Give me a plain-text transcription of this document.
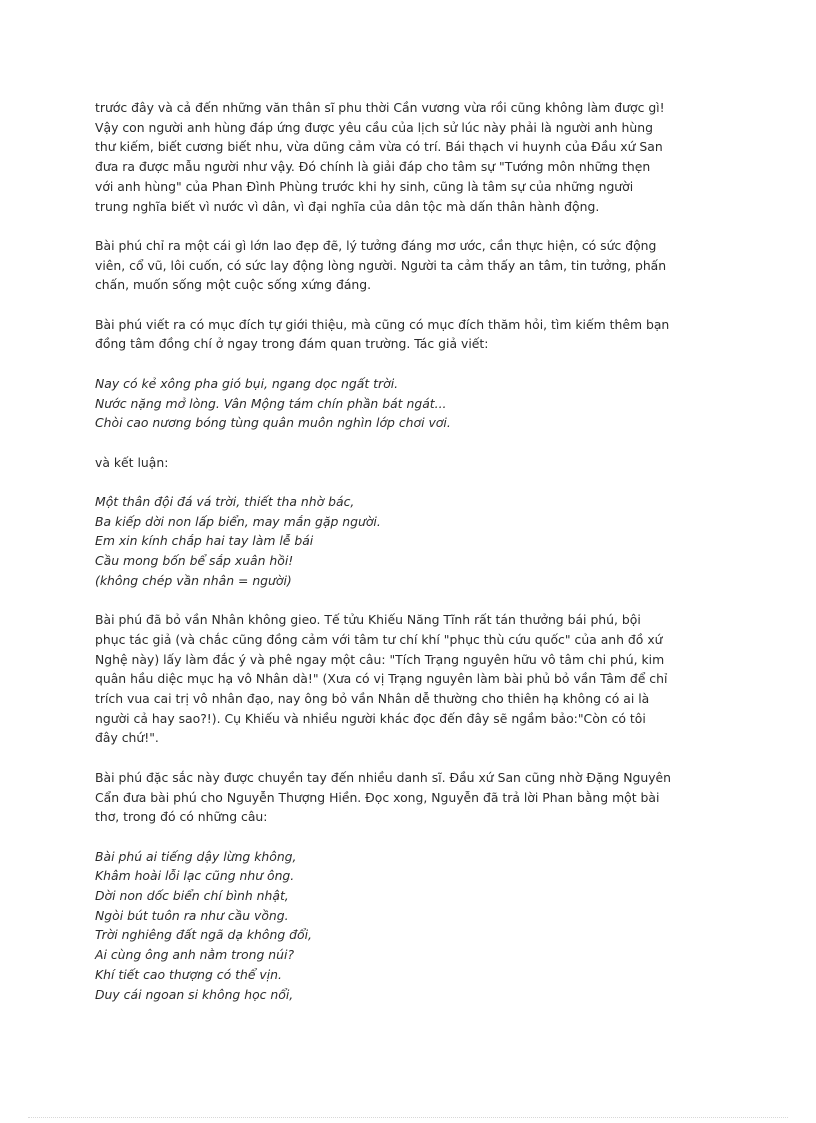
trước đây và cả đến những văn thân sĩ phu thời Cần vương vừa rồi cũng không làm được gì!
Vậy con người anh hùng đáp ứng được yêu cầu của lịch sử lúc này phải là người anh hùng
thư kiếm, biết cương biết nhu, vừa dũng cảm vừa có trí. Bái thạch vi huynh của Đầu xứ San
đưa ra được mẫu người như vậy. Đó chính là giải đáp cho tâm sự "Tướng môn những thẹn
với anh hùng" của Phan Đình Phùng trước khi hy sinh, cũng là tâm sự của những người
trung nghĩa biết vì nước vì dân, vì đại nghĩa của dân tộc mà dấn thân hành động.

Bài phú chỉ ra một cái gì lớn lao đẹp đẽ, lý tưởng đáng mơ ước, cần thực hiện, có sức động
viên, cổ vũ, lôi cuốn, có sức lay động lòng người. Người ta cảm thấy an tâm, tin tưởng, phấn
chấn, muốn sống một cuộc sống xứng đáng.

Bài phú viết ra có mục đích tự giới thiệu, mà cũng có mục đích thăm hỏi, tìm kiếm thêm bạn
đồng tâm đồng chí ở ngay trong đám quan trường. Tác giả viết:

Nay có kẻ xông pha gió bụi, ngang dọc ngất trời.
Nước nặng mở lòng. Vân Mộng tám chín phần bát ngát...
Chòi cao nương bóng tùng quân muôn nghìn lớp chơi vơi.

và kết luận:

Một thân đội đá vá trời, thiết tha nhờ bác,
Ba kiếp dời non lấp biển, may mắn gặp người.
Em xin kính chắp hai tay làm lễ bái
Cầu mong bốn bể sắp xuân hồi!
(không chép vần nhân = người)

Bài phú đã bỏ vần Nhân không gieo. Tế tửu Khiếu Năng Tĩnh rất tán thưởng bái phú, bội
phục tác giả (và chắc cũng đồng cảm với tâm tư chí khí "phục thù cứu quốc" của anh đồ xứ
Nghệ này) lấy làm đắc ý và phê ngay một câu: "Tích Trạng nguyên hữu vô tâm chi phú, kim
quân hầu diệc mục hạ vô Nhân dà!" (Xưa có vị Trạng nguyên làm bài phủ bỏ vần Tâm để chỉ
trích vua cai trị vô nhân đạo, nay ông bỏ vần Nhân dễ thường cho thiên hạ không có ai là
người cả hay sao?!). Cụ Khiếu và nhiều người khác đọc đến đây sẽ ngầm bảo:"Còn có tôi
đây chứ!".

Bài phú đặc sắc này được chuyền tay đến nhiều danh sĩ. Đầu xứ San cũng nhờ Đặng Nguyên
Cẩn đưa bài phú cho Nguyễn Thượng Hiền. Đọc xong, Nguyễn đã trả lời Phan bằng một bài
thơ, trong đó có những câu:

Bài phú ai tiếng dậy lừng không,
Khâm hoài lỗi lạc cũng như ông.
Dời non dốc biển chí bình nhật,
Ngòi bút tuôn ra như cầu vồng.
Trời nghiêng đất ngã dạ không đổi,
Ai cùng ông anh nằm trong núi?
Khí tiết cao thượng có thể vịn.
Duy cái ngoan si không học nổi,
